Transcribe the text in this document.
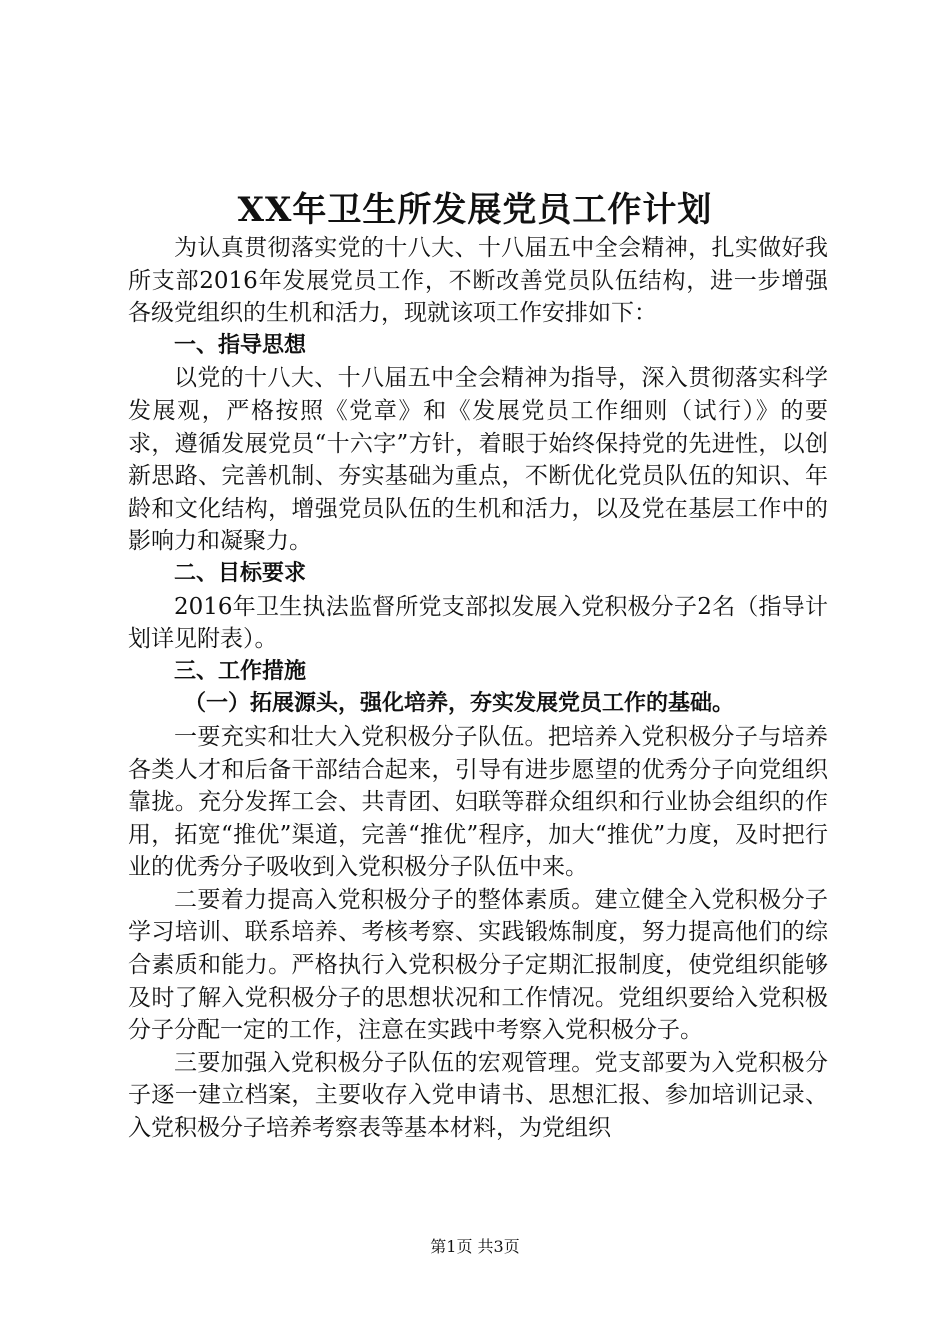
XX年卫生所发展党员工作计划

为认真贯彻落实党的十八大、十八届五中全会精神，扎实做好我所支部2016年发展党员工作，不断改善党员队伍结构，进一步增强各级党组织的生机和活力，现就该项工作安排如下：

一、指导思想

以党的十八大、十八届五中全会精神为指导，深入贯彻落实科学发展观，严格按照《党章》和《发展党员工作细则（试行）》的要求，遵循发展党员“十六字”方针，着眼于始终保持党的先进性，以创新思路、完善机制、夯实基础为重点，不断优化党员队伍的知识、年龄和文化结构，增强党员队伍的生机和活力，以及党在基层工作中的影响力和凝聚力。

二、目标要求

2016年卫生执法监督所党支部拟发展入党积极分子2名（指导计划详见附表）。

三、工作措施

（一）拓展源头，强化培养，夯实发展党员工作的基础。

一要充实和壮大入党积极分子队伍。把培养入党积极分子与培养各类人才和后备干部结合起来，引导有进步愿望的优秀分子向党组织靠拢。充分发挥工会、共青团、妇联等群众组织和行业协会组织的作用，拓宽“推优”渠道，完善“推优”程序，加大“推优”力度，及时把行业的优秀分子吸收到入党积极分子队伍中来。

二要着力提高入党积极分子的整体素质。建立健全入党积极分子学习培训、联系培养、考核考察、实践锻炼制度，努力提高他们的综合素质和能力。严格执行入党积极分子定期汇报制度，使党组织能够及时了解入党积极分子的思想状况和工作情况。党组织要给入党积极分子分配一定的工作，注意在实践中考察入党积极分子。

三要加强入党积极分子队伍的宏观管理。党支部要为入党积极分子逐一建立档案，主要收存入党申请书、思想汇报、参加培训记录、入党积极分子培养考察表等基本材料，为党组织

第1页 共3页
